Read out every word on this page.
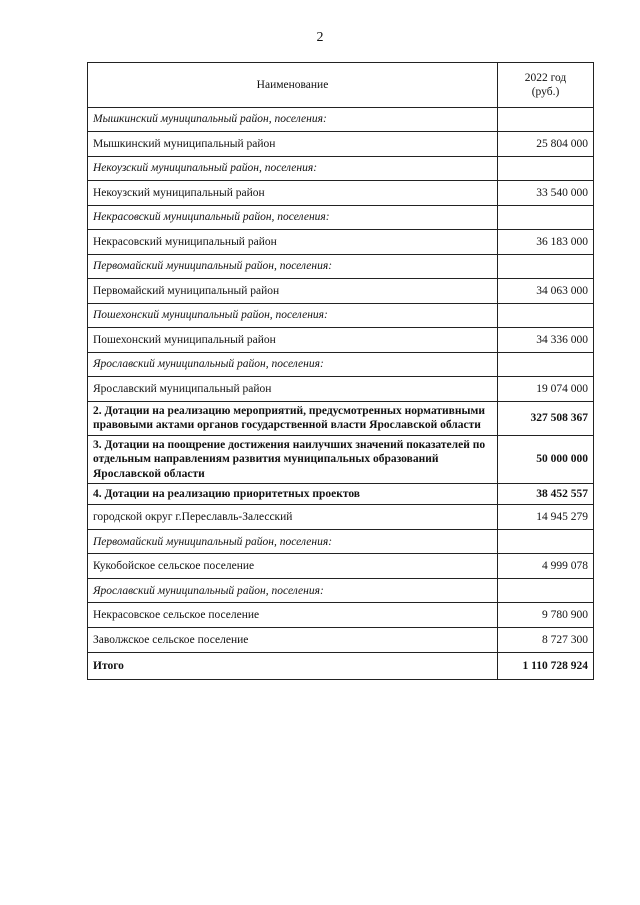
2
Наименование	2022 год
(руб.)

Мышкинский муниципальный район, поселения:	
Мышкинский муниципальный район	25 804 000
Некоузский муниципальный район, поселения:	
Некоузский муниципальный район	33 540 000
Некрасовский муниципальный район, поселения:	
Некрасовский муниципальный район	36 183 000
Первомайский муниципальный район, поселения:	
Первомайский муниципальный район	34 063 000
Пошехонский муниципальный район, поселения:	
Пошехонский муниципальный район	34 336 000
Ярославский муниципальный район, поселения:	
Ярославский муниципальный район	19 074 000
2. Дотации на реализацию мероприятий, предусмотренных нормативными правовыми актами органов государственной власти Ярославской области	327 508 367
3. Дотации на поощрение достижения наилучших значений показателей по отдельным направлениям развития муниципальных образований Ярославской области	50 000 000
4. Дотации на реализацию приоритетных проектов	38 452 557
городской округ г.Переславль-Залесский	14 945 279
Первомайский муниципальный район, поселения:	
Кукобойское сельское поселение	4 999 078
Ярославский муниципальный район, поселения:	
Некрасовское сельское поселение	9 780 900
Заволжское сельское поселение	8 727 300
Итого	1 110 728 924
